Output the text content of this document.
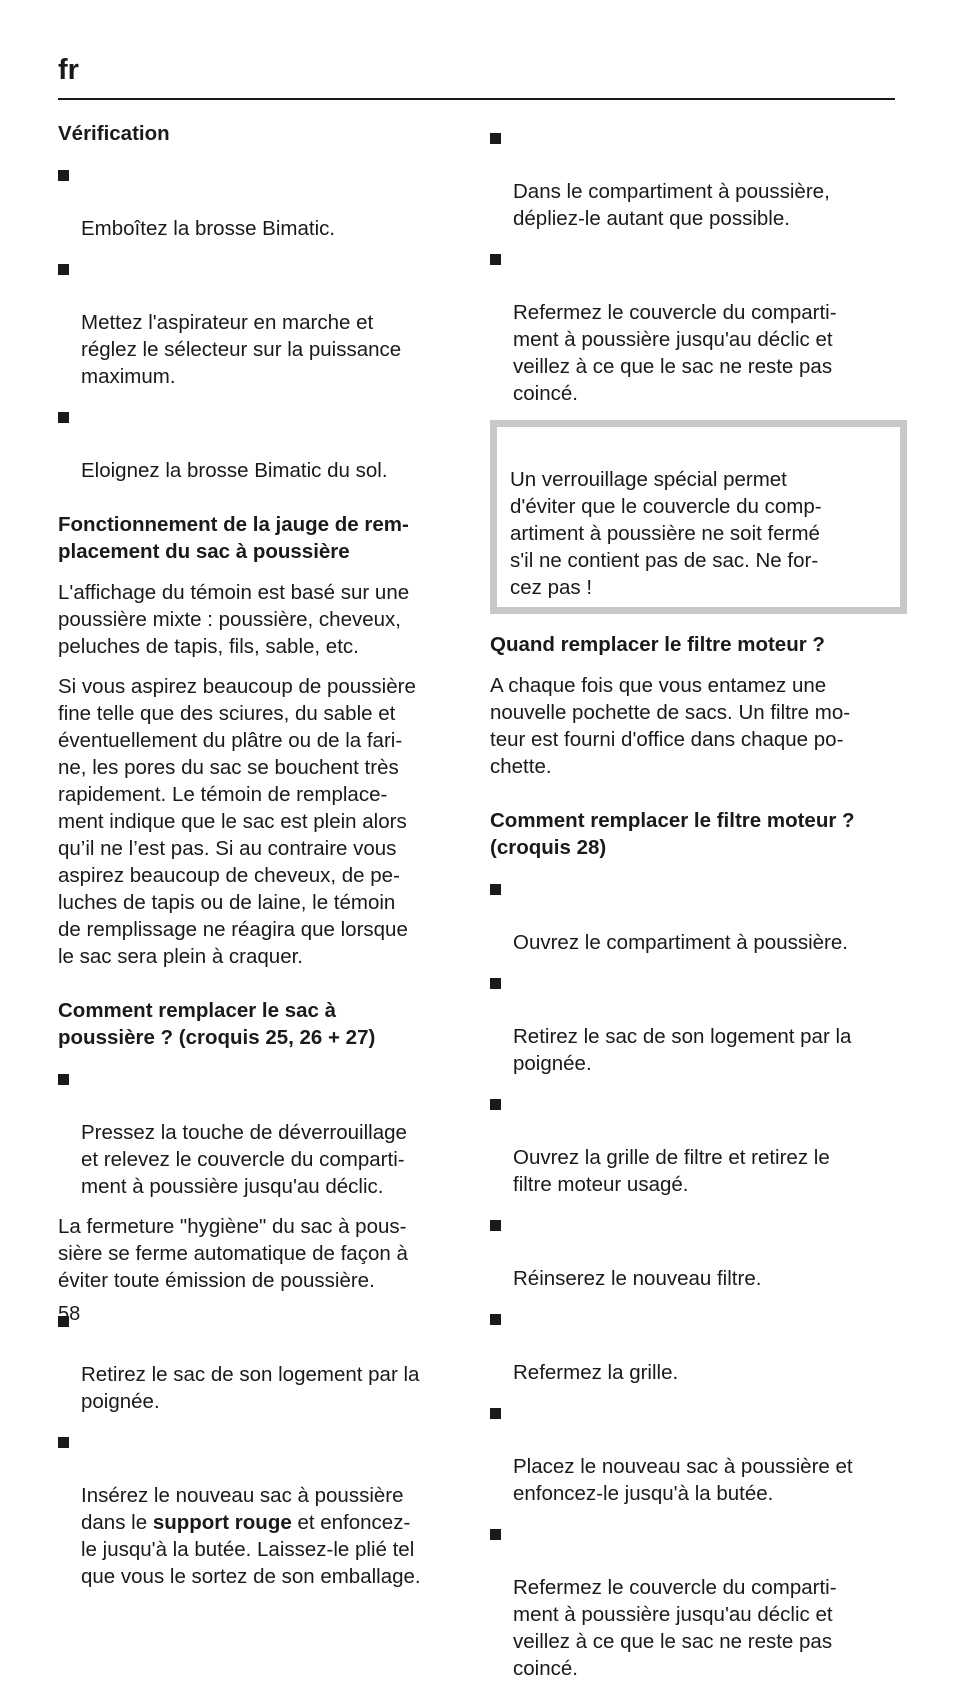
fr
Vérification

Emboîtez la brosse Bimatic.

Mettez l'aspirateur en marche et
réglez le sélecteur sur la puissance
maximum.

Eloignez la brosse Bimatic du sol.

Fonctionnement de la jauge de rem-
placement du sac à poussière

L'affichage du témoin est basé sur une
poussière mixte : poussière, cheveux,
peluches de tapis, fils, sable, etc.

Si vous aspirez beaucoup de poussière
fine telle que des sciures, du sable et
éventuellement du plâtre ou de la fari-
ne, les pores du sac se bouchent très
rapidement. Le témoin de remplace-
ment indique que le sac est plein alors
qu’il ne l’est pas. Si au contraire vous
aspirez beaucoup de cheveux, de pe-
luches de tapis ou de laine, le témoin
de remplissage ne réagira que lorsque
le sac sera plein à craquer.

Comment remplacer le sac à
poussière ? (croquis 25, 26 + 27)

Pressez la touche de déverrouillage
et relevez le couvercle du comparti-
ment à poussière jusqu'au déclic.

La fermeture "hygiène" du sac à pous-
sière se ferme automatique de façon à
éviter toute émission de poussière.

Retirez le sac de son logement par la
poignée.

Insérez le nouveau sac à poussière
dans le support rouge et enfoncez-
le jusqu'à la butée. Laissez-le plié tel
que vous le sortez de son emballage.

Dans le compartiment à poussière,
dépliez-le autant que possible.

Refermez le couvercle du comparti-
ment à poussière jusqu'au déclic et
veillez à ce que le sac ne reste pas
coincé.

Un verrouillage spécial permet
d'éviter que le couvercle du comp-
artiment à poussière ne soit fermé
s'il ne contient pas de sac. Ne for-
cez pas !

Quand remplacer le filtre moteur ?

A chaque fois que vous entamez une
nouvelle pochette de sacs. Un filtre mo-
teur est fourni d'office dans chaque po-
chette.

Comment remplacer le filtre moteur ?
(croquis 28)

Ouvrez le compartiment à poussière.

Retirez le sac de son logement par la
poignée.

Ouvrez la grille de filtre et retirez le
filtre moteur usagé.

Réinserez le nouveau filtre.

Refermez la grille.

Placez le nouveau sac à poussière et
enfoncez-le jusqu'à la butée.

Refermez le couvercle du comparti-
ment à poussière jusqu'au déclic et
veillez à ce que le sac ne reste pas
coincé.

58
